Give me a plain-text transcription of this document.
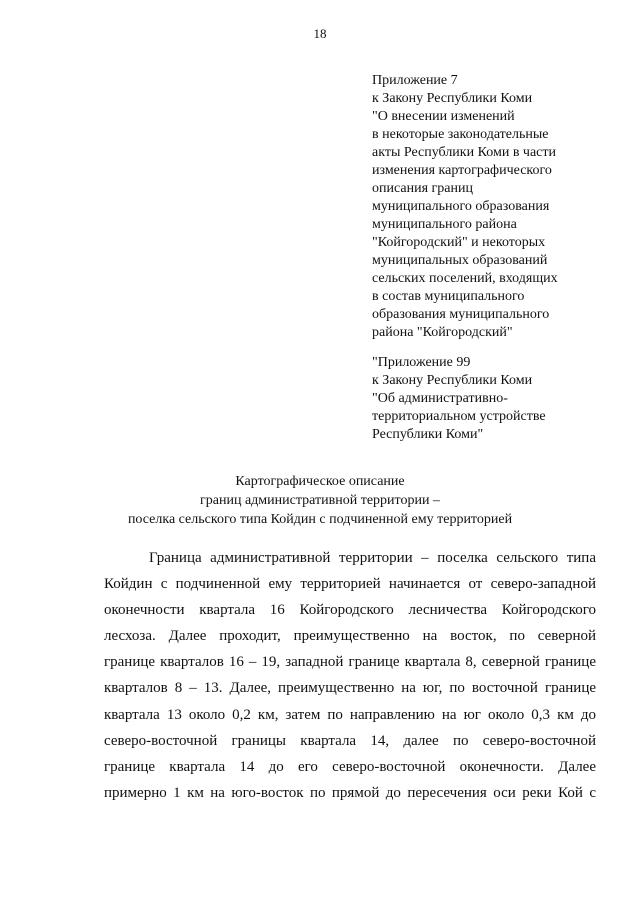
18
Приложение 7
к Закону Республики Коми
"О внесении изменений
в некоторые законодательные
акты Республики Коми в части
изменения картографического
описания границ
муниципального образования
муниципального района
"Койгородский" и некоторых
муниципальных образований
сельских поселений, входящих
в состав муниципального
образования муниципального
района "Койгородский"
"Приложение 99
к Закону Республики Коми
"Об административно-
территориальном устройстве
Республики Коми"
Картографическое описание
границ административной территории –
поселка сельского типа Койдин с подчиненной ему территорией
Граница административной территории – поселка сельского типа
Койдин с подчиненной ему территорией начинается от северо-западной
оконечности квартала 16 Койгородского лесничества Койгородского
лесхоза. Далее проходит, преимущественно на восток, по северной
границе кварталов 16 – 19, западной границе квартала 8, северной границе
кварталов 8 – 13. Далее, преимущественно на юг, по восточной границе
квартала 13 около 0,2 км, затем по направлению на юг около 0,3 км до
северо-восточной границы квартала 14, далее по северо-восточной
границе квартала 14 до его северо-восточной оконечности. Далее
примерно 1 км на юго-восток по прямой до пересечения оси реки Кой с
